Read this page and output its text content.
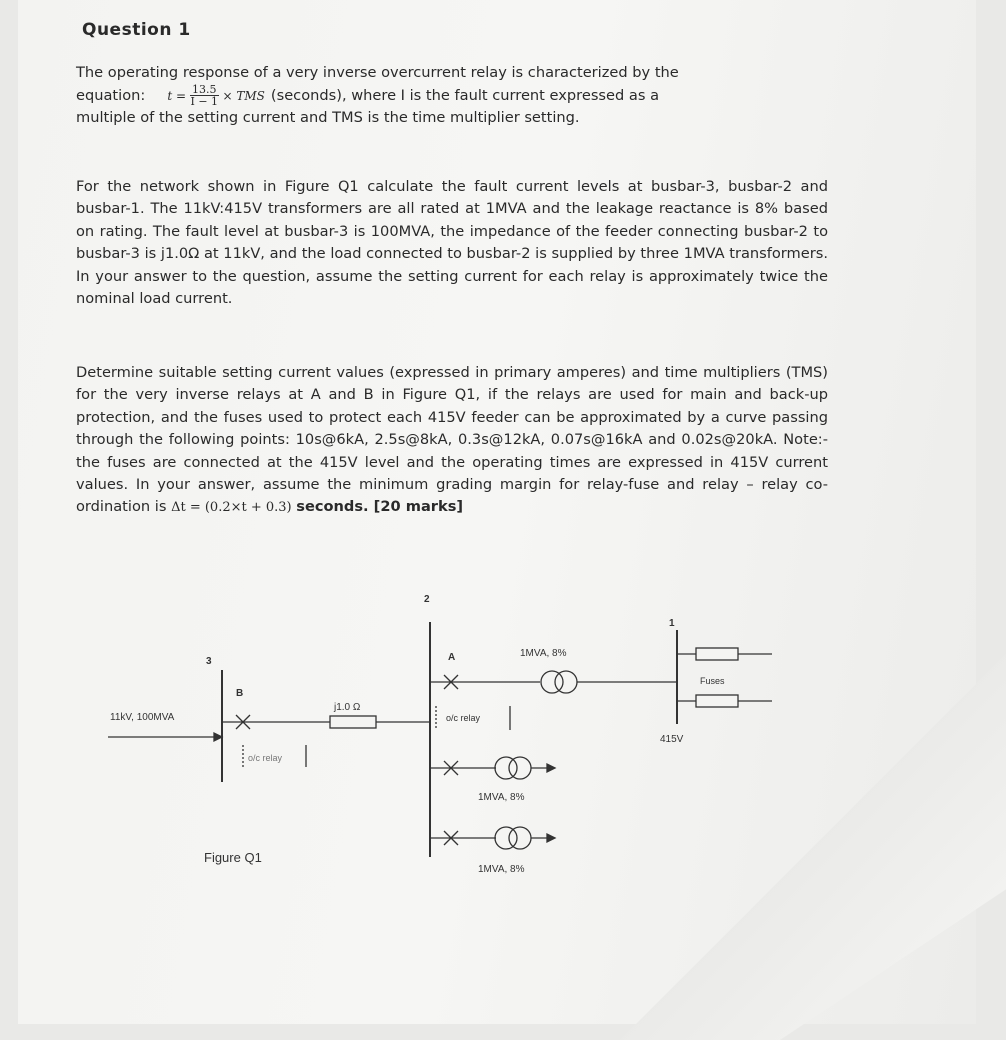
Question 1
The operating response of a very inverse overcurrent relay is characterized by the
equation: $t = \frac{13.5}{I - 1}$ × TMS (seconds), where I is the fault current expressed as a
multiple of the setting current and TMS is the time multiplier setting.
For the network shown in Figure Q1 calculate the fault current levels at busbar-3, busbar-2 and busbar-1. The 11kV:415V transformers are all rated at 1MVA and the leakage reactance is 8% based on rating. The fault level at busbar-3 is 100MVA, the impedance of the feeder connecting busbar-2 to busbar-3 is j1.0Ω at 11kV, and the load connected to busbar-2 is supplied by three 1MVA transformers. In your answer to the question, assume the setting current for each relay is approximately twice the nominal load current.
Determine suitable setting current values (expressed in primary amperes) and time multipliers (TMS) for the very inverse relays at A and B in Figure Q1, if the relays are used for main and back-up protection, and the fuses used to protect each 415V feeder can be approximated by a curve passing through the following points: 10s@6kA, 2.5s@8kA, 0.3s@12kA, 0.07s@16kA and 0.02s@20kA. Note:- the fuses are connected at the 415V level and the operating times are expressed in 415V current values. In your answer, assume the minimum grading margin for relay-fuse and relay – relay co-ordination is Δt = (0.2×t + 0.3) seconds. [20 marks]
3
2
1
11kV, 100MVA
B
A
o/c relay
o/c relay
j1.0 Ω
1MVA, 8%
1MVA, 8%
1MVA, 8%
Fuses
415V
Figure Q1
